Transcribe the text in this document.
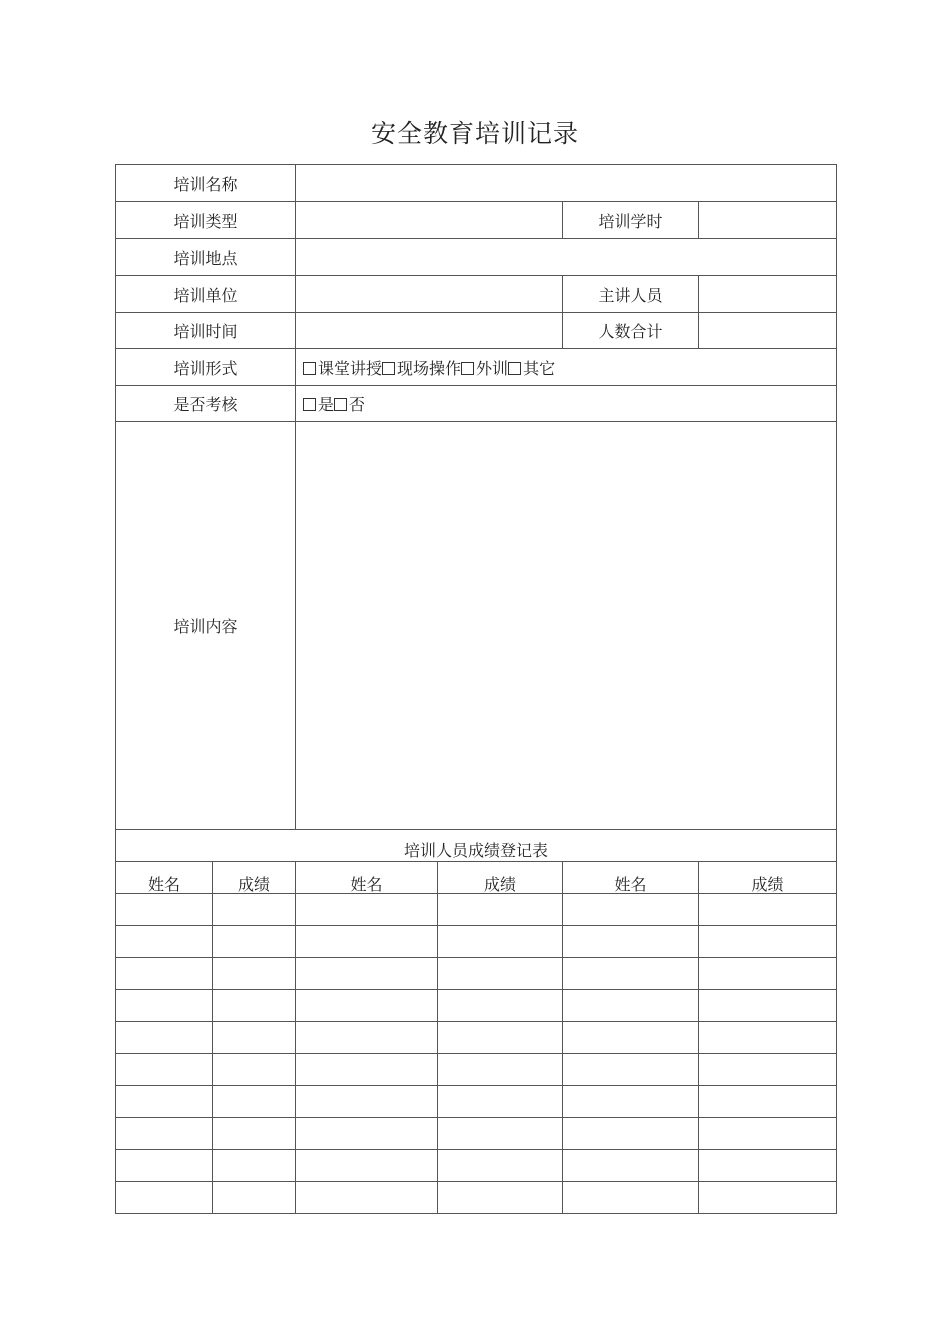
安全教育培训记录
培训名称					
培训类型				培训学时	
培训地点					
培训单位				主讲人员	
培训时间				人数合计	
培训形式		课堂讲授 现场操作 外训 其它			
是否考核		是 否			
培训内容					
培训人员成绩登记表					
姓名	成绩	姓名	成绩	姓名	成绩
